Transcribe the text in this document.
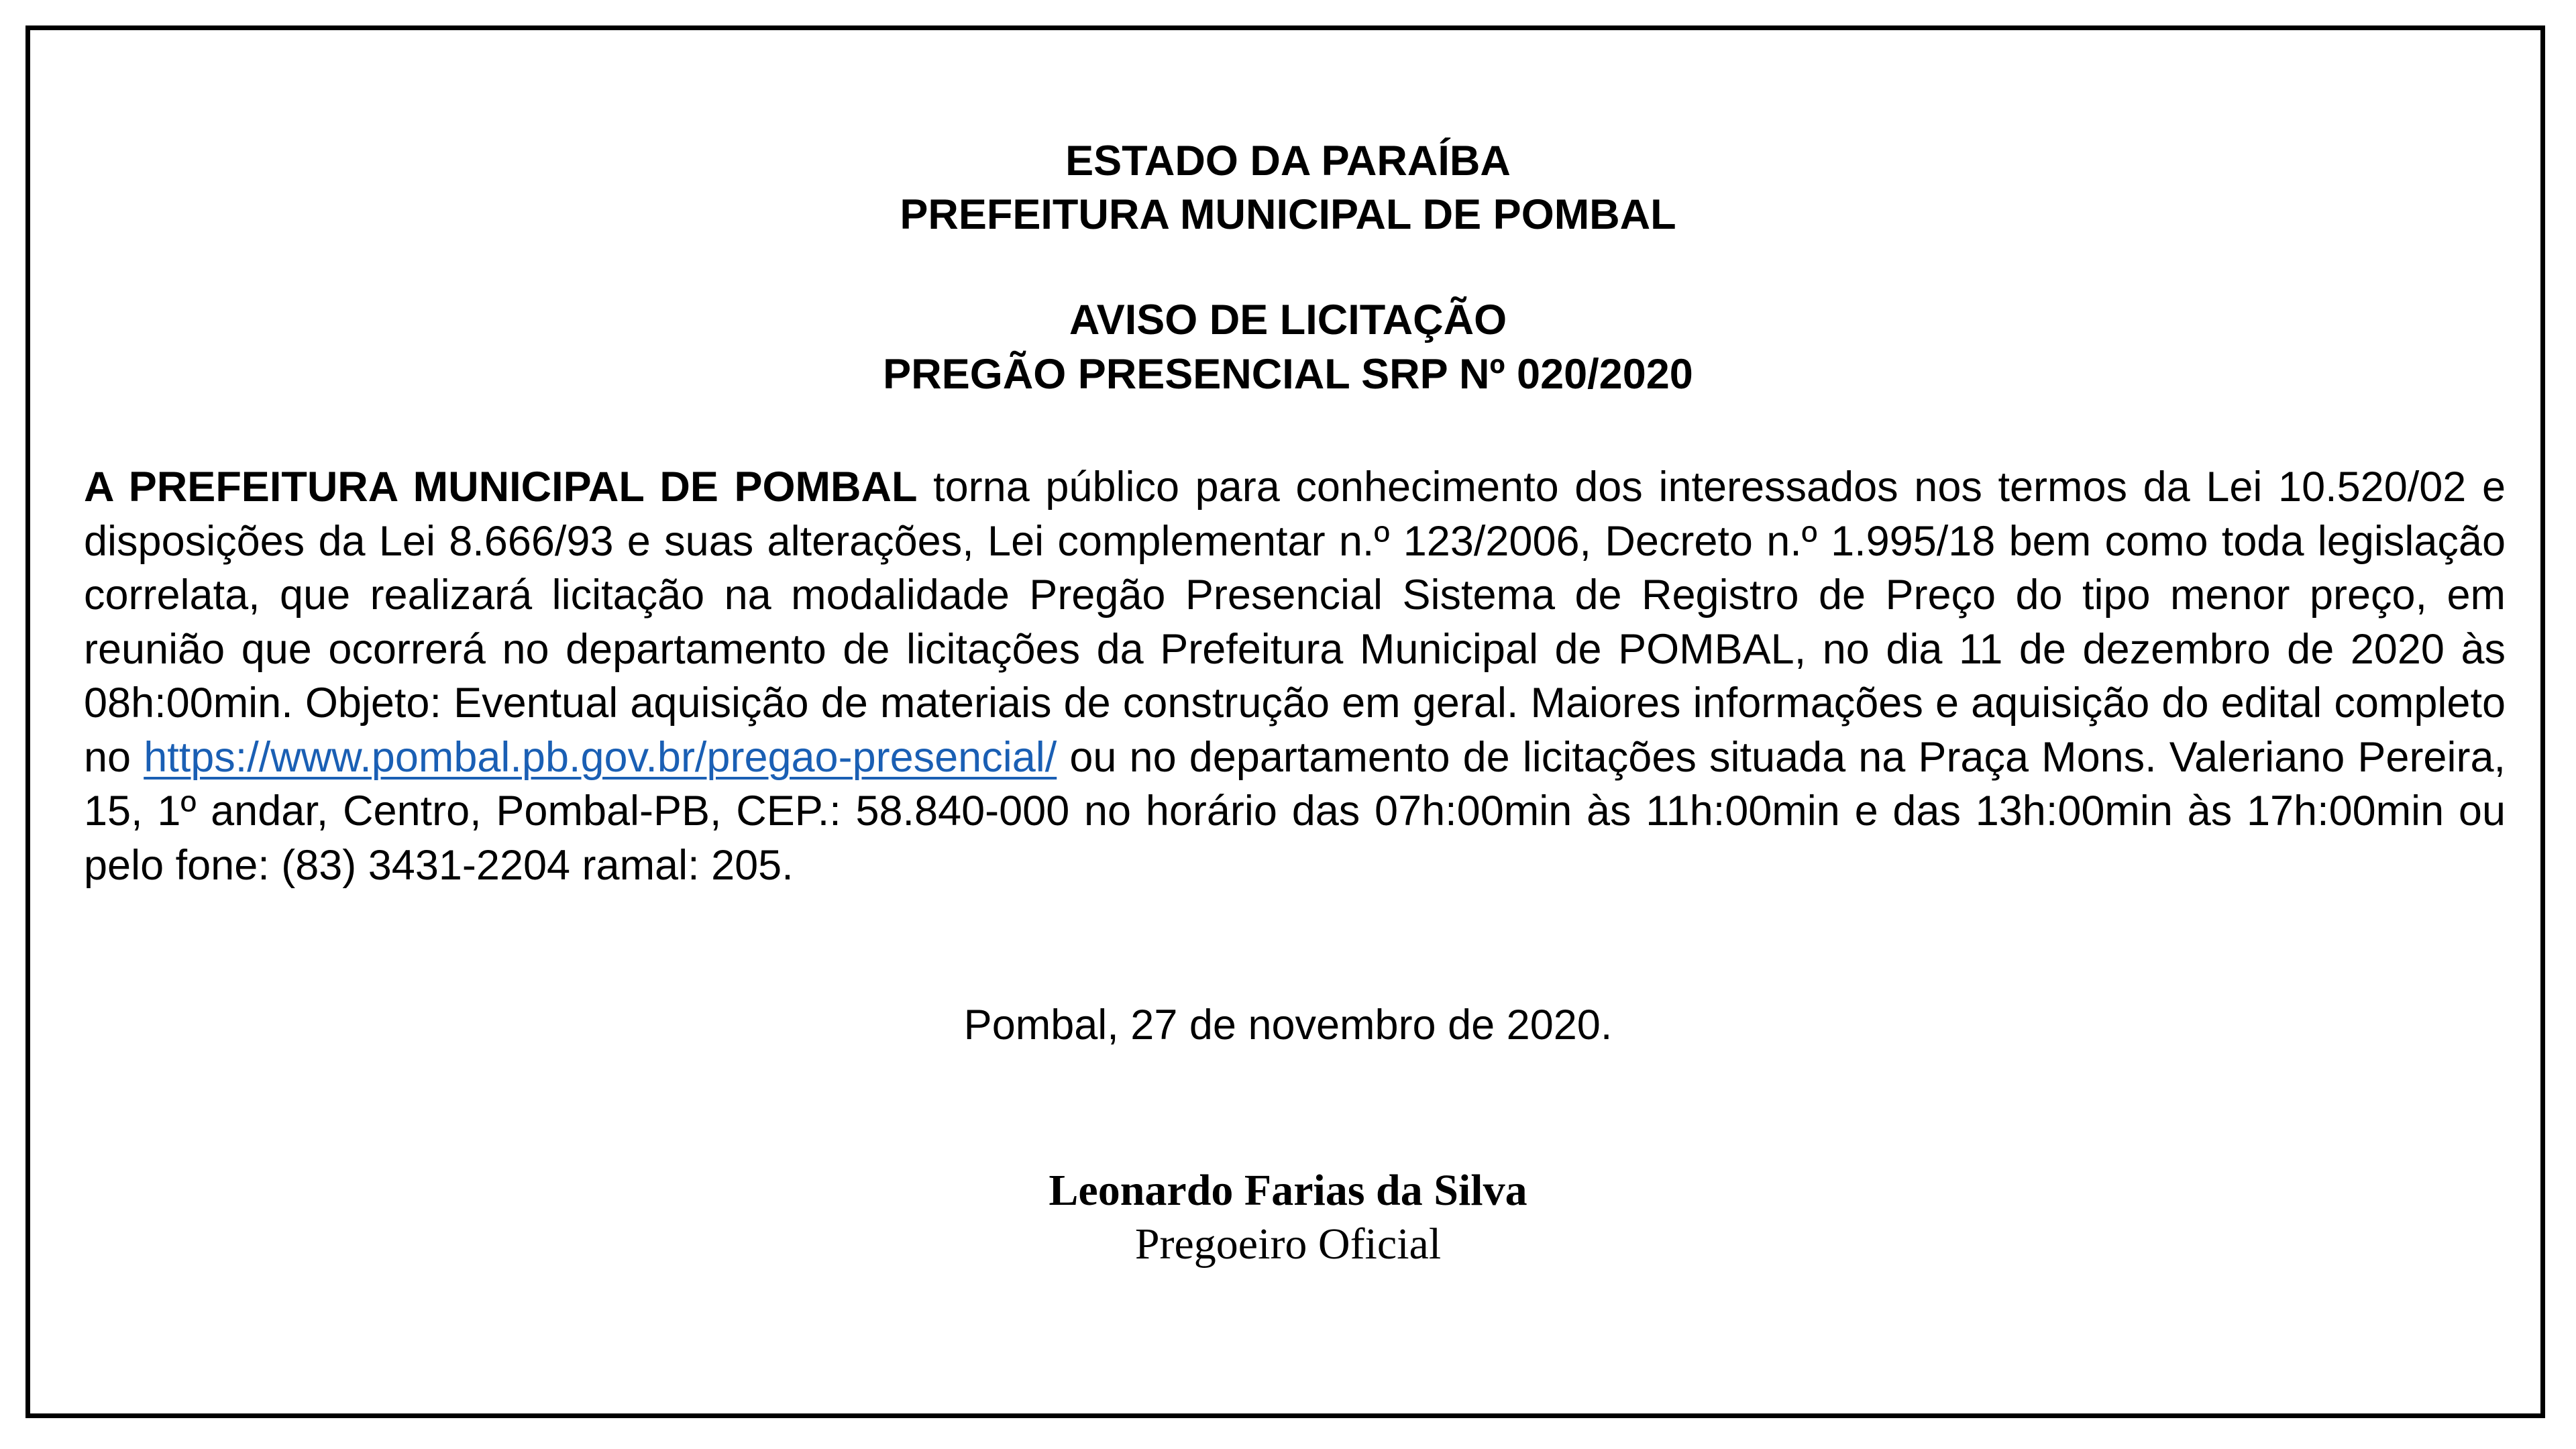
ESTADO DA PARAÍBA

PREFEITURA MUNICIPAL DE POMBAL

AVISO DE LICITAÇÃO

PREGÃO PRESENCIAL SRP Nº 020/2020

A PREFEITURA MUNICIPAL DE POMBAL torna público para conhecimento dos interessados nos termos da Lei 10.520/02 e disposições da Lei 8.666/93 e suas alterações, Lei complementar n.º 123/2006, Decreto n.º 1.995/18 bem como toda legislação correlata, que realizará licitação na modalidade Pregão Presencial Sistema de Registro de Preço do tipo menor preço, em reunião que ocorrerá no departamento de licitações da Prefeitura Municipal de POMBAL, no dia 11 de dezembro de 2020 às 08h:00min. Objeto: Eventual aquisição de materiais de construção em geral. Maiores informações e aquisição do edital completo no https://www.pombal.pb.gov.br/pregao-presencial/ ou no departamento de licitações situada na Praça Mons. Valeriano Pereira, 15, 1º andar, Centro, Pombal-PB, CEP.: 58.840-000 no horário das 07h:00min às 11h:00min e das 13h:00min às 17h:00min ou pelo fone: (83) 3431-2204 ramal: 205.

Pombal, 27 de novembro de 2020.

Leonardo Farias da Silva

Pregoeiro Oficial
